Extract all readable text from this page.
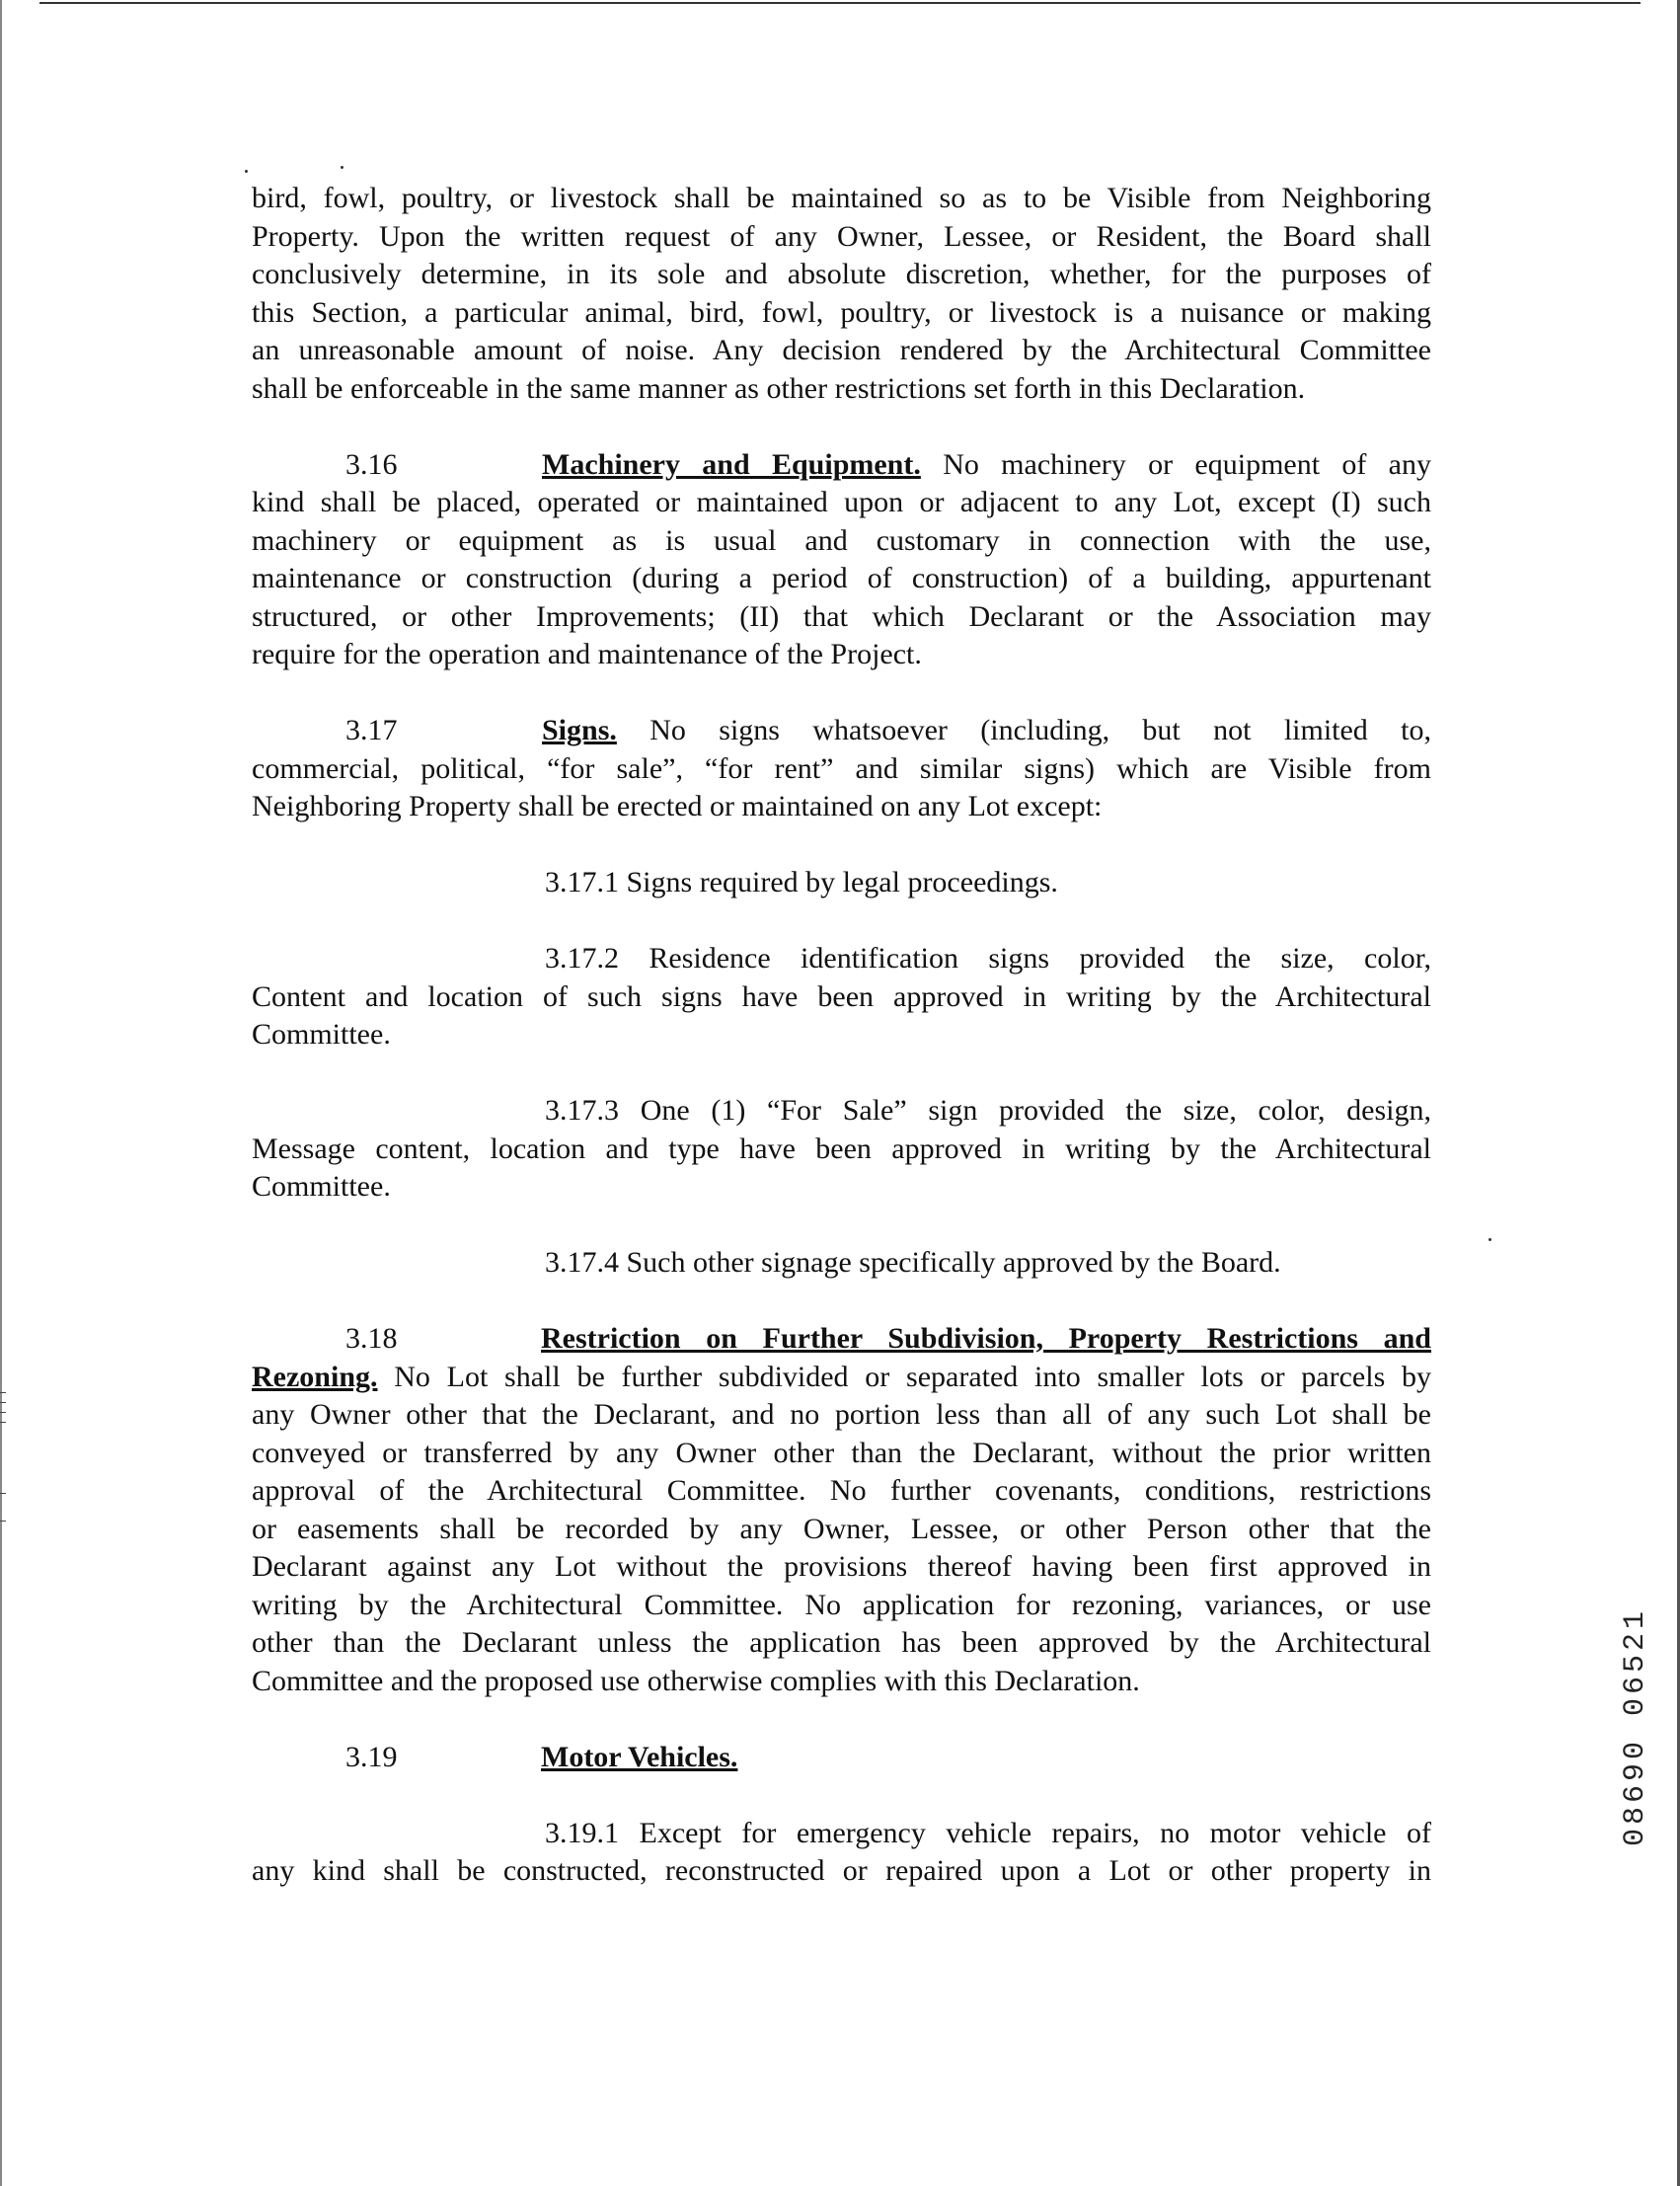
bird, fowl, poultry, or livestock shall be maintained so as to be Visible from Neighboring
Property. Upon the written request of any Owner, Lessee, or Resident, the Board shall
conclusively determine, in its sole and absolute discretion, whether, for the purposes of
this Section, a particular animal, bird, fowl, poultry, or livestock is a nuisance or making
an unreasonable amount of noise. Any decision rendered by the Architectural Committee
shall be enforceable in the same manner as other restrictions set forth in this Declaration.
3.16	Machinery and Equipment. No machinery or equipment of any
kind shall be placed, operated or maintained upon or adjacent to any Lot, except (I) such
machinery or equipment as is usual and customary in connection with the use,
maintenance or construction (during a period of construction) of a building, appurtenant
structured, or other Improvements; (II) that which Declarant or the Association may
require for the operation and maintenance of the Project.
3.17	Signs. No signs whatsoever (including, but not limited to,
commercial, political, “for sale”, “for rent” and similar signs) which are Visible from
Neighboring Property shall be erected or maintained on any Lot except:
3.17.1 Signs required by legal proceedings.
3.17.2 Residence identification signs provided the size, color,
Content and location of such signs have been approved in writing by the Architectural
Committee.
3.17.3 One (1) “For Sale” sign provided the size, color, design,
Message content, location and type have been approved in writing by the Architectural
Committee.
3.17.4 Such other signage specifically approved by the Board.
3.18	Restriction on Further Subdivision, Property Restrictions and
Rezoning. No Lot shall be further subdivided or separated into smaller lots or parcels by
any Owner other that the Declarant, and no portion less than all of any such Lot shall be
conveyed or transferred by any Owner other than the Declarant, without the prior written
approval of the Architectural Committee. No further covenants, conditions, restrictions
or easements shall be recorded by any Owner, Lessee, or other Person other that the
Declarant against any Lot without the provisions thereof having been first approved in
writing by the Architectural Committee. No application for rezoning, variances, or use
other than the Declarant unless the application has been approved by the Architectural
Committee and the proposed use otherwise complies with this Declaration.
3.19	Motor Vehicles.
3.19.1 Except for emergency vehicle repairs, no motor vehicle of
any kind shall be constructed, reconstructed or repaired upon a Lot or other property in
08690 06521
